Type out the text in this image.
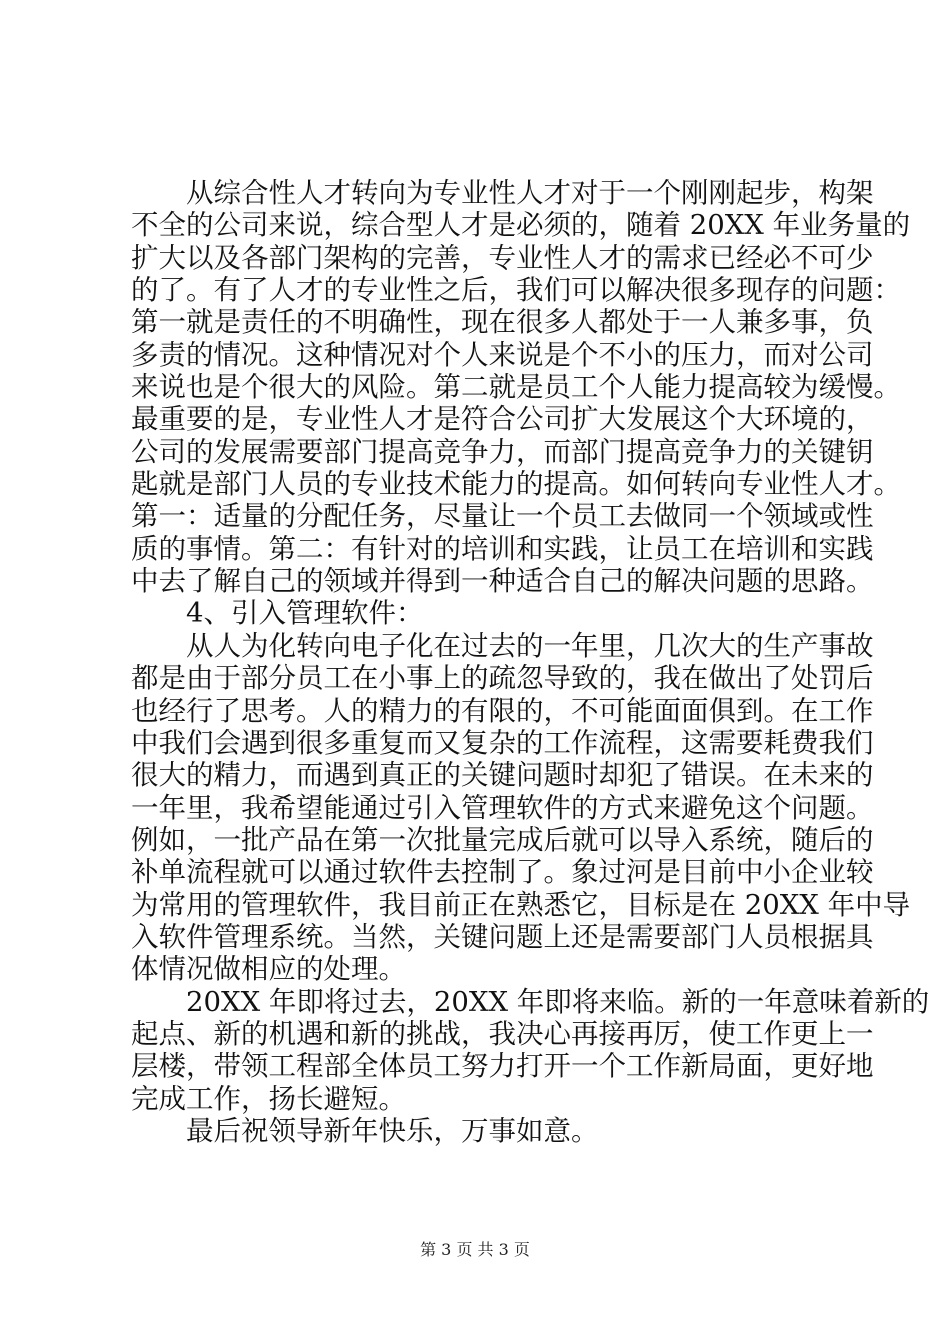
从综合性人才转向为专业性人才对于一个刚刚起步，构架
不全的公司来说，综合型人才是必须的，随着 20XX 年业务量的
扩大以及各部门架构的完善，专业性人才的需求已经必不可少
的了。有了人才的专业性之后，我们可以解决很多现存的问题：
第一就是责任的不明确性，现在很多人都处于一人兼多事，负
多责的情况。这种情况对个人来说是个不小的压力，而对公司
来说也是个很大的风险。第二就是员工个人能力提高较为缓慢。
最重要的是，专业性人才是符合公司扩大发展这个大环境的，
公司的发展需要部门提高竞争力，而部门提高竞争力的关键钥
匙就是部门人员的专业技术能力的提高。如何转向专业性人才。
第一：适量的分配任务，尽量让一个员工去做同一个领域或性
质的事情。第二：有针对的培训和实践，让员工在培训和实践
中去了解自己的领域并得到一种适合自己的解决问题的思路。
4、引入管理软件：
从人为化转向电子化在过去的一年里，几次大的生产事故
都是由于部分员工在小事上的疏忽导致的，我在做出了处罚后
也经行了思考。人的精力的有限的，不可能面面俱到。在工作
中我们会遇到很多重复而又复杂的工作流程，这需要耗费我们
很大的精力，而遇到真正的关键问题时却犯了错误。在未来的
一年里，我希望能通过引入管理软件的方式来避免这个问题。
例如，一批产品在第一次批量完成后就可以导入系统，随后的
补单流程就可以通过软件去控制了。象过河是目前中小企业较
为常用的管理软件，我目前正在熟悉它，目标是在 20XX 年中导
入软件管理系统。当然，关键问题上还是需要部门人员根据具
体情况做相应的处理。
20XX 年即将过去，20XX 年即将来临。新的一年意味着新的
起点、新的机遇和新的挑战，我决心再接再厉，使工作更上一
层楼，带领工程部全体员工努力打开一个工作新局面，更好地
完成工作，扬长避短。
最后祝领导新年快乐，万事如意。
第 3 页 共 3 页
